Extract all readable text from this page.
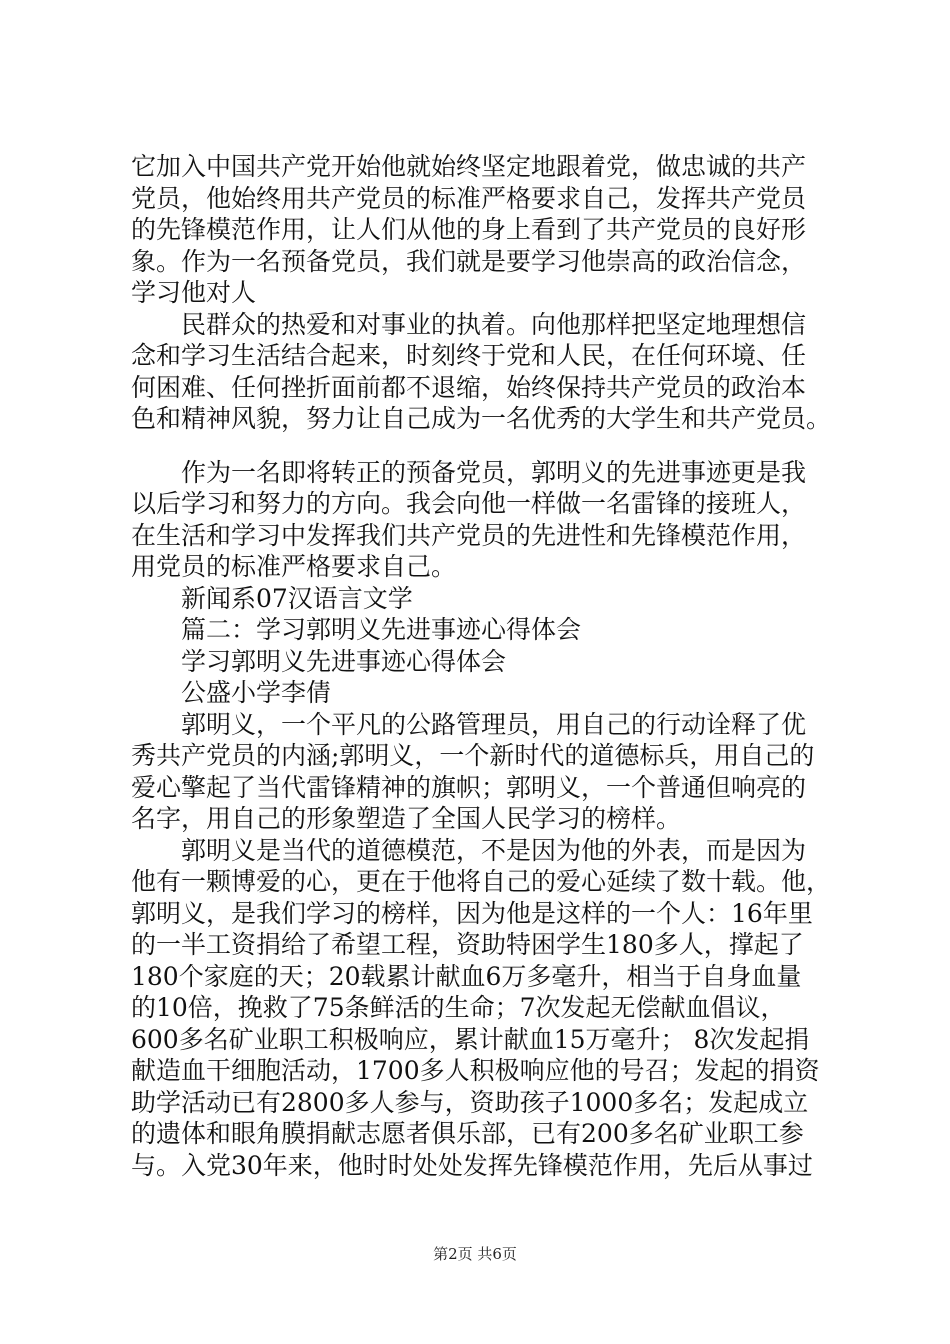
它加入中国共产党开始他就始终坚定地跟着党，做忠诚的共产
党员，他始终用共产党员的标准严格要求自己，发挥共产党员
的先锋模范作用，让人们从他的身上看到了共产党员的良好形
象。作为一名预备党员，我们就是要学习他崇高的政治信念，
学习他对人
　　民群众的热爱和对事业的执着。向他那样把坚定地理想信
念和学习生活结合起来，时刻终于党和人民，在任何环境、任
何困难、任何挫折面前都不退缩，始终保持共产党员的政治本
色和精神风貌，努力让自己成为一名优秀的大学生和共产党员。
　　作为一名即将转正的预备党员，郭明义的先进事迹更是我
以后学习和努力的方向。我会向他一样做一名雷锋的接班人，
在生活和学习中发挥我们共产党员的先进性和先锋模范作用，
用党员的标准严格要求自己。
　　新闻系07汉语言文学
　　篇二：学习郭明义先进事迹心得体会
　　学习郭明义先进事迹心得体会
　　公盛小学李倩
　　郭明义，一个平凡的公路管理员，用自己的行动诠释了优
秀共产党员的内涵;郭明义，一个新时代的道德标兵，用自己的
爱心擎起了当代雷锋精神的旗帜；郭明义，一个普通但响亮的
名字，用自己的形象塑造了全国人民学习的榜样。
　　郭明义是当代的道德模范，不是因为他的外表，而是因为
他有一颗博爱的心，更在于他将自己的爱心延续了数十载。他，
郭明义，是我们学习的榜样，因为他是这样的一个人：16年里
的一半工资捐给了希望工程，资助特困学生180多人，撑起了
180个家庭的天；20载累计献血6万多毫升，相当于自身血量
的10倍，挽救了75条鲜活的生命；7次发起无偿献血倡议，
600多名矿业职工积极响应，累计献血15万毫升； 8次发起捐
献造血干细胞活动，1700多人积极响应他的号召；发起的捐资
助学活动已有2800多人参与，资助孩子1000多名；发起成立
的遗体和眼角膜捐献志愿者俱乐部，已有200多名矿业职工参
与。入党30年来，他时时处处发挥先锋模范作用，先后从事过
第2页 共6页
